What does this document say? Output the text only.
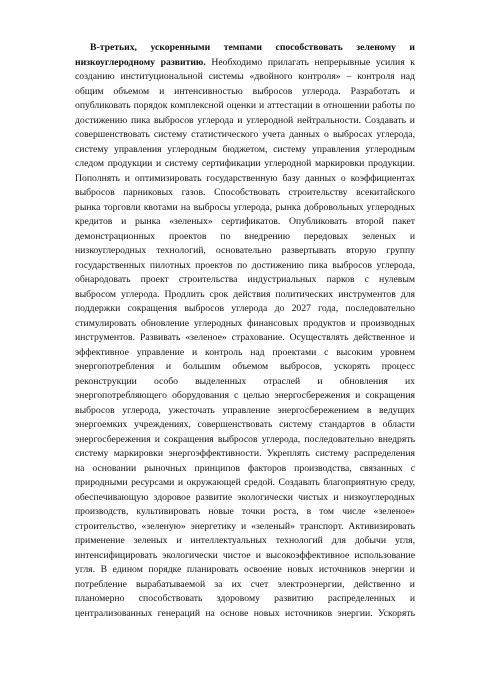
В-третьих, ускоренными темпами способствовать зеленому и
низкоуглеродному развитию. Необходимо прилагать непрерывные усилия к
созданию институциональной системы «двойного контроля» – контроля над
общим объемом и интенсивностью выбросов углерода. Разработать и
опубликовать порядок комплексной оценки и аттестации в отношении работы по
достижению пика выбросов углерода и углеродной нейтральности. Создавать и
совершенствовать систему статистического учета данных о выбросах углерода,
систему управления углеродным бюджетом, систему управления углеродным
следом продукции и систему сертификации углеродной маркировки продукции.
Пополнять и оптимизировать государственную базу данных о коэффициентах
выбросов парниковых газов. Способствовать строительству всекитайского
рынка торговли квотами на выбросы углерода, рынка добровольных углеродных
кредитов и рынка «зеленых» сертификатов. Опубликовать второй пакет
демонстрационных проектов по внедрению передовых зеленых и
низкоуглеродных технологий, основательно развертывать вторую группу
государственных пилотных проектов по достижению пика выбросов углерода,
обнародовать проект строительства индустриальных парков с нулевым
выбросом углерода. Продлить срок действия политических инструментов для
поддержки сокращения выбросов углерода до 2027 года, последовательно
стимулировать обновление углеродных финансовых продуктов и производных
инструментов. Развивать «зеленое» страхование. Осуществлять действенное и
эффективное управление и контроль над проектами с высоким уровнем
энергопотребления и большим объемом выбросов, ускорять процесс
реконструкции особо выделенных отраслей и обновления их
энергопотребляющего оборудования с целью энергосбережения и сокращения
выбросов углерода, ужесточать управление энергосбережением в ведущих
энергоемких учреждениях, совершенствовать систему стандартов в области
энергосбережения и сокращения выбросов углерода, последовательно внедрять
систему маркировки энергоэффективности. Укреплять систему распределения
на основании рыночных принципов факторов производства, связанных с
природными ресурсами и окружающей средой. Создавать благоприятную среду,
обеспечивающую здоровое развитие экологически чистых и низкоуглеродных
производств, культивировать новые точки роста, в том числе «зеленое»
строительство, «зеленую» энергетику и «зеленый» транспорт. Активизировать
применение зеленых и интеллектуальных технологий для добычи угля,
интенсифицировать экологически чистое и высокоэффективное использование
угля. В едином порядке планировать освоение новых источников энергии и
потребление вырабатываемой за их счет электроэнергии, действенно и
планомерно способствовать здоровому развитию распределенных и
централизованных генераций на основе новых источников энергии. Ускорять
